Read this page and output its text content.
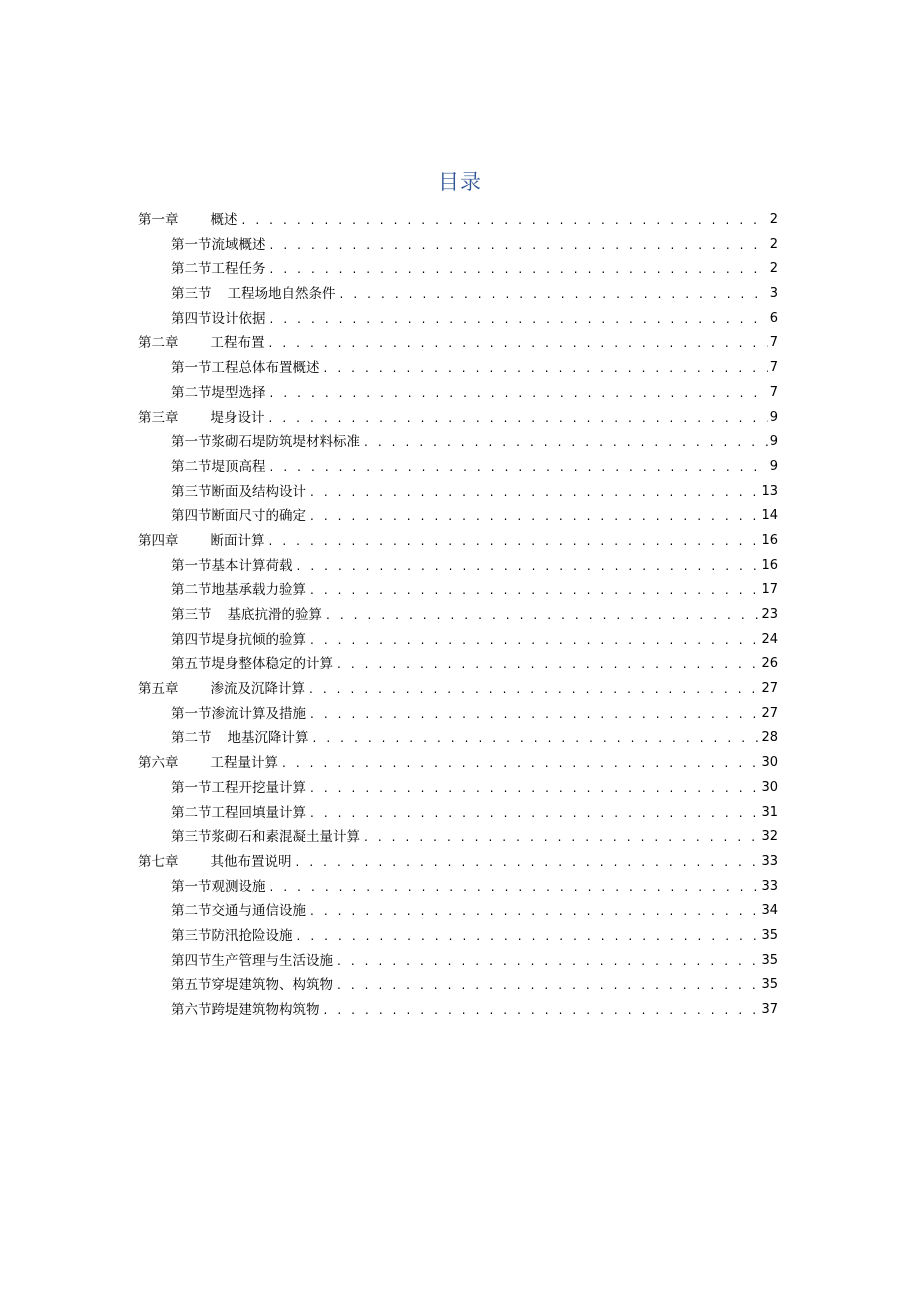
目录
第一章 概述 . . .	2
第一节流域概述 . . .	2
第二节工程任务 . . .	2
第三节 工程场地自然条件 . . .	3
第四节设计依据 . . .	6
第二章 工程布置 . . .	7
第一节工程总体布置概述 . . .	7
第二节堤型选择 . . .	7
第三章 堤身设计 . . .	9
第一节浆砌石堤防筑堤材料标准 . . .	9
第二节堤顶高程 . . .	9
第三节断面及结构设计 . . .	13
第四节断面尺寸的确定 . . .	14
第四章 断面计算 . . .	16
第一节基本计算荷载 . . .	16
第二节地基承载力验算 . . .	17
第三节 基底抗滑的验算 . . .	23
第四节堤身抗倾的验算 . . .	24
第五节堤身整体稳定的计算 . . .	26
第五章 渗流及沉降计算 . . .	27
第一节渗流计算及措施 . . .	27
第二节 地基沉降计算 . . .	28
第六章 工程量计算 . . .	30
第一节工程开挖量计算 . . .	30
第二节工程回填量计算 . . .	31
第三节浆砌石和素混凝土量计算 . . .	32
第七章 其他布置说明 . . .	33
第一节观测设施 . . .	33
第二节交通与通信设施 . . .	34
第三节防汛抢险设施 . . .	35
第四节生产管理与生活设施 . . .	35
第五节穿堤建筑物、构筑物 . . .	35
第六节跨堤建筑物构筑物 . . .	37
